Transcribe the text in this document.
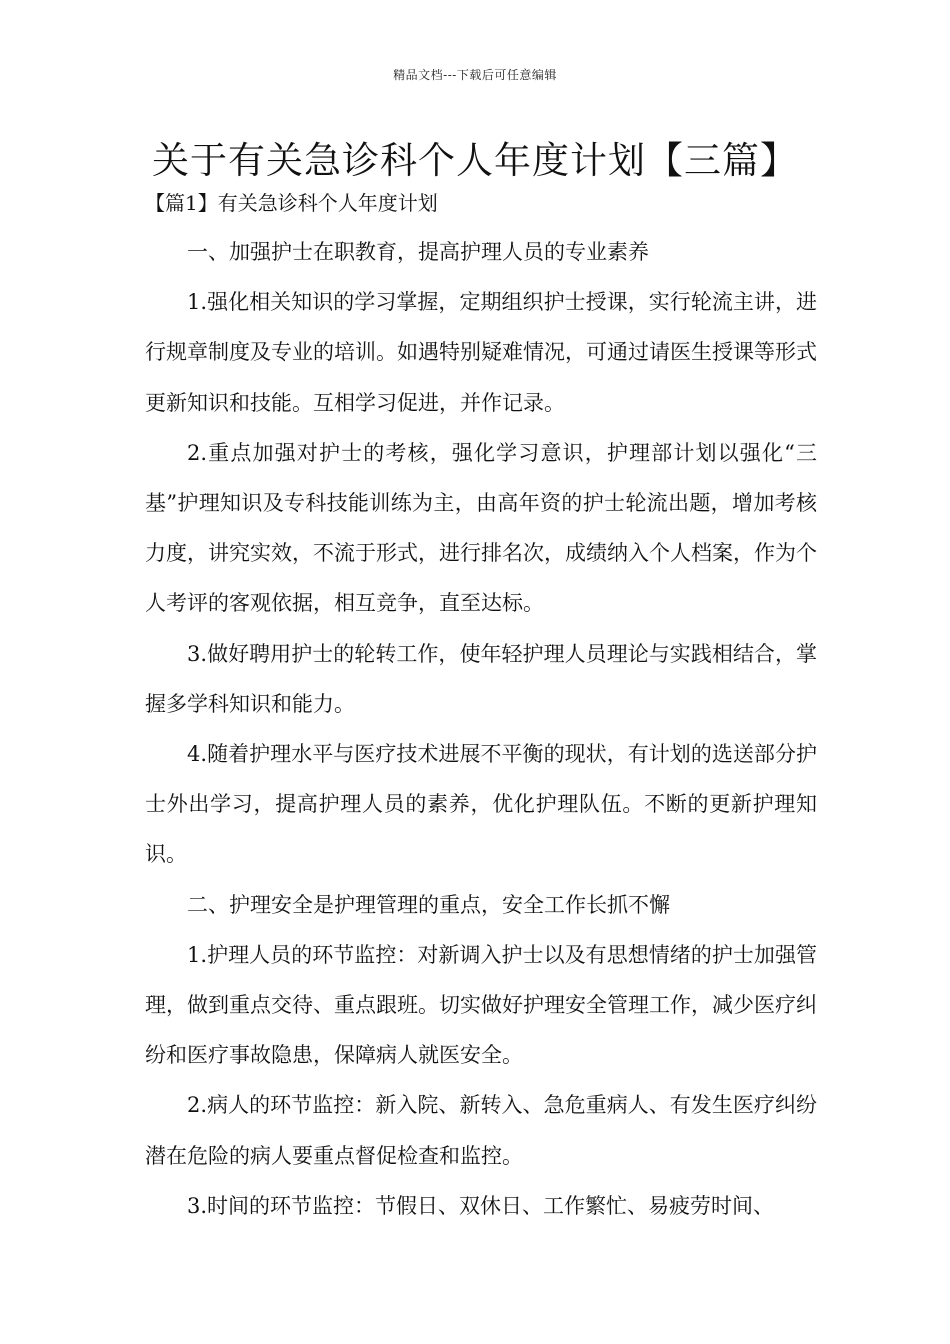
精品文档---下载后可任意编辑
关于有关急诊科个人年度计划【三篇】
【篇1】有关急诊科个人年度计划

一、加强护士在职教育，提高护理人员的专业素养

1.强化相关知识的学习掌握，定期组织护士授课，实行轮流主讲，进行规章制度及专业的培训。如遇特别疑难情况，可通过请医生授课等形式更新知识和技能。互相学习促进，并作记录。

2.重点加强对护士的考核，强化学习意识，护理部计划以强化“三基”护理知识及专科技能训练为主，由高年资的护士轮流出题，增加考核力度，讲究实效，不流于形式，进行排名次，成绩纳入个人档案，作为个人考评的客观依据，相互竞争，直至达标。

3.做好聘用护士的轮转工作，使年轻护理人员理论与实践相结合，掌握多学科知识和能力。

4.随着护理水平与医疗技术进展不平衡的现状，有计划的选送部分护士外出学习，提高护理人员的素养，优化护理队伍。不断的更新护理知识。

二、护理安全是护理管理的重点，安全工作长抓不懈

1.护理人员的环节监控：对新调入护士以及有思想情绪的护士加强管理，做到重点交待、重点跟班。切实做好护理安全管理工作，减少医疗纠纷和医疗事故隐患，保障病人就医安全。

2.病人的环节监控：新入院、新转入、急危重病人、有发生医疗纠纷潜在危险的病人要重点督促检查和监控。

3.时间的环节监控：节假日、双休日、工作繁忙、易疲劳时间、
